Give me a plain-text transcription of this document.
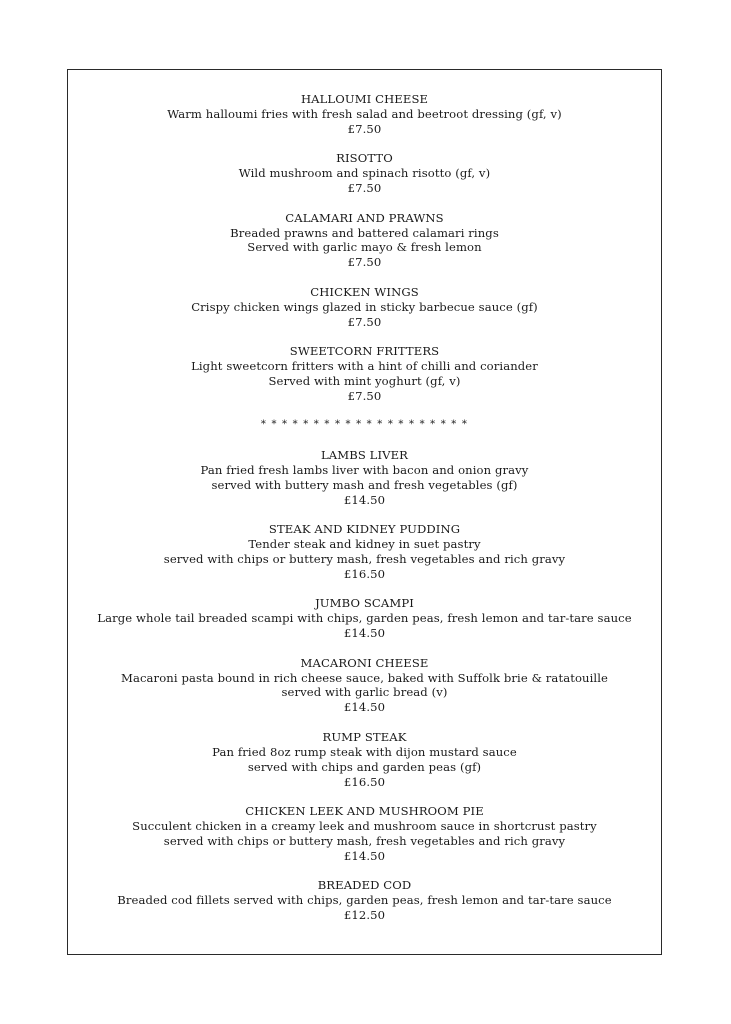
HALLOUMI CHEESE
Warm halloumi fries with fresh salad and beetroot dressing (gf, v)
£7.50
RISOTTO
Wild mushroom and spinach risotto (gf, v)
£7.50
CALAMARI AND PRAWNS
Breaded prawns and battered calamari rings
Served with garlic mayo & fresh lemon
£7.50
CHICKEN WINGS
Crispy chicken wings glazed in sticky barbecue sauce (gf)
£7.50
SWEETCORN FRITTERS
Light sweetcorn fritters with a hint of chilli and coriander
Served with mint yoghurt (gf, v)
£7.50
* * * * * * * * * * * * * * * * * * * *
LAMBS LIVER
Pan fried fresh lambs liver with bacon and onion gravy
served with buttery mash and fresh vegetables (gf)
£14.50
STEAK AND KIDNEY PUDDING
Tender steak and kidney in suet pastry
served with chips or buttery mash, fresh vegetables and rich gravy
£16.50
JUMBO SCAMPI
Large whole tail breaded scampi with chips, garden peas, fresh lemon and tar-tare sauce
£14.50
MACARONI CHEESE
Macaroni pasta bound in rich cheese sauce, baked with Suffolk brie & ratatouille
served with garlic bread (v)
£14.50
RUMP STEAK
Pan fried 8oz rump steak with dijon mustard sauce
served with chips and garden peas (gf)
£16.50
CHICKEN LEEK AND MUSHROOM PIE
Succulent chicken in a creamy leek and mushroom sauce in shortcrust pastry
served with chips or buttery mash, fresh vegetables and rich gravy
£14.50
BREADED COD
Breaded cod fillets served with chips, garden peas, fresh lemon and tar-tare sauce
£12.50
